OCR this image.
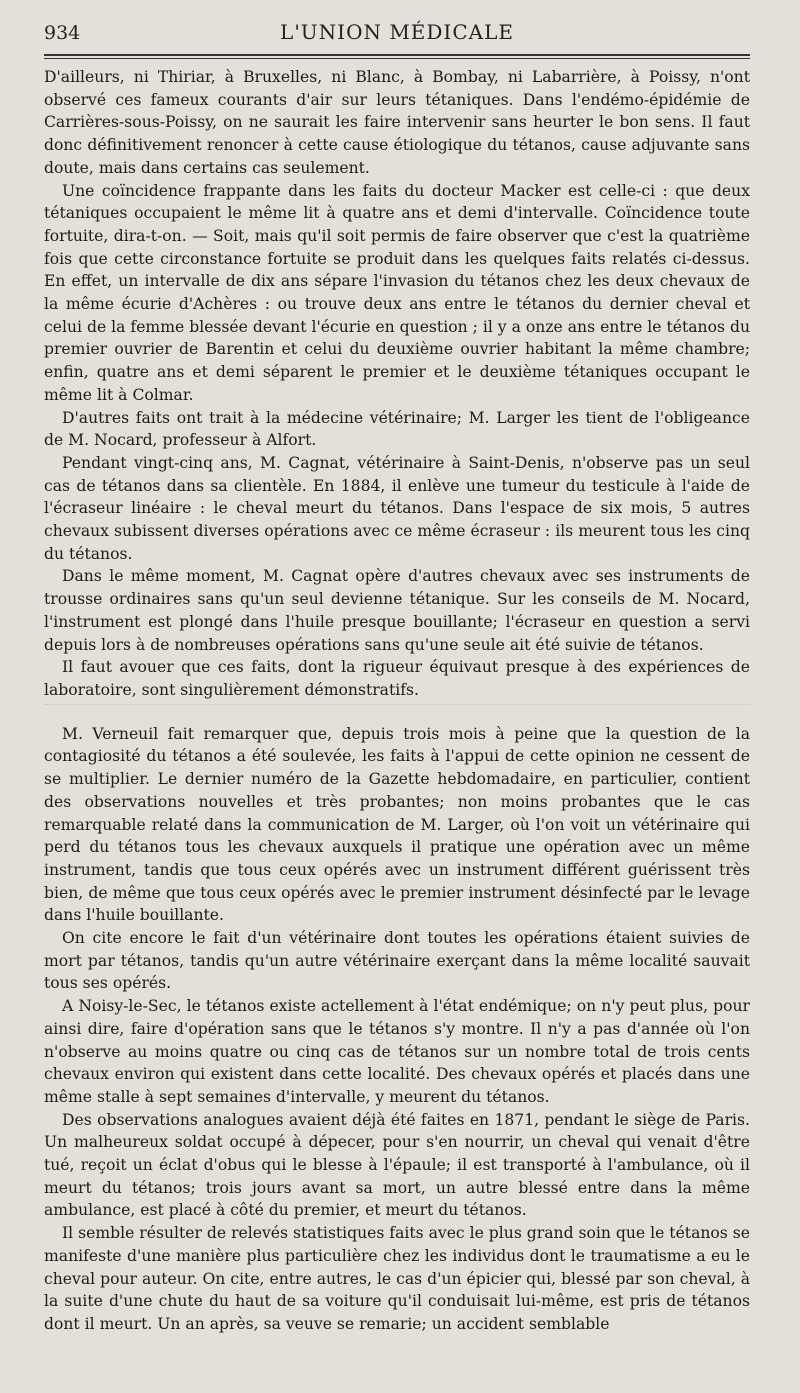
934	L'UNION MÉDICALE

D'ailleurs, ni Thiriar, à Bruxelles, ni Blanc, à Bombay, ni Labarrière, à Poissy, n'ont observé ces fameux courants d'air sur leurs tétaniques. Dans l'endémo-épidémie de Carrières-sous-Poissy, on ne saurait les faire intervenir sans heurter le bon sens. Il faut donc définitivement renoncer à cette cause étiologique du tétanos, cause adjuvante sans doute, mais dans certains cas seulement.

Une coïncidence frappante dans les faits du docteur Macker est celle-ci : que deux tétaniques occupaient le même lit à quatre ans et demi d'intervalle. Coïncidence toute fortuite, dira-t-on. — Soit, mais qu'il soit permis de faire observer que c'est la quatrième fois que cette circonstance fortuite se produit dans les quelques faits relatés ci-dessus. En effet, un intervalle de dix ans sépare l'invasion du tétanos chez les deux chevaux de la même écurie d'Achères : ou trouve deux ans entre le tétanos du dernier cheval et celui de la femme blessée devant l'écurie en question ; il y a onze ans entre le tétanos du premier ouvrier de Barentin et celui du deuxième ouvrier habitant la même chambre; enfin, quatre ans et demi séparent le premier et le deuxième tétaniques occupant le même lit à Colmar.

D'autres faits ont trait à la médecine vétérinaire; M. Larger les tient de l'obligeance de M. Nocard, professeur à Alfort.

Pendant vingt-cinq ans, M. Cagnat, vétérinaire à Saint-Denis, n'observe pas un seul cas de tétanos dans sa clientèle. En 1884, il enlève une tumeur du testicule à l'aide de l'écraseur linéaire : le cheval meurt du tétanos. Dans l'espace de six mois, 5 autres chevaux subissent diverses opérations avec ce même écraseur : ils meurent tous les cinq du tétanos.

Dans le même moment, M. Cagnat opère d'autres chevaux avec ses instruments de trousse ordinaires sans qu'un seul devienne tétanique. Sur les conseils de M. Nocard, l'instrument est plongé dans l'huile presque bouillante; l'écraseur en question a servi depuis lors à de nombreuses opérations sans qu'une seule ait été suivie de tétanos.

Il faut avouer que ces faits, dont la rigueur équivaut presque à des expériences de laboratoire, sont singulièrement démonstratifs.

M. Verneuil fait remarquer que, depuis trois mois à peine que la question de la contagiosité du tétanos a été soulevée, les faits à l'appui de cette opinion ne cessent de se multiplier. Le dernier numéro de la Gazette hebdomadaire, en particulier, contient des observations nouvelles et très probantes; non moins probantes que le cas remarquable relaté dans la communication de M. Larger, où l'on voit un vétérinaire qui perd du tétanos tous les chevaux auxquels il pratique une opération avec un même instrument, tandis que tous ceux opérés avec un instrument différent guérissent très bien, de même que tous ceux opérés avec le premier instrument désinfecté par le levage dans l'huile bouillante.

On cite encore le fait d'un vétérinaire dont toutes les opérations étaient suivies de mort par tétanos, tandis qu'un autre vétérinaire exerçant dans la même localité sauvait tous ses opérés.

A Noisy-le-Sec, le tétanos existe actellement à l'état endémique; on n'y peut plus, pour ainsi dire, faire d'opération sans que le tétanos s'y montre. Il n'y a pas d'année où l'on n'observe au moins quatre ou cinq cas de tétanos sur un nombre total de trois cents chevaux environ qui existent dans cette localité. Des chevaux opérés et placés dans une même stalle à sept semaines d'intervalle, y meurent du tétanos.

Des observations analogues avaient déjà été faites en 1871, pendant le siège de Paris. Un malheureux soldat occupé à dépecer, pour s'en nourrir, un cheval qui venait d'être tué, reçoit un éclat d'obus qui le blesse à l'épaule; il est transporté à l'ambulance, où il meurt du tétanos; trois jours avant sa mort, un autre blessé entre dans la même ambulance, est placé à côté du premier, et meurt du tétanos.

Il semble résulter de relevés statistiques faits avec le plus grand soin que le tétanos se manifeste d'une manière plus particulière chez les individus dont le traumatisme a eu le cheval pour auteur. On cite, entre autres, le cas d'un épicier qui, blessé par son cheval, à la suite d'une chute du haut de sa voiture qu'il conduisait lui-même, est pris de tétanos dont il meurt. Un an après, sa veuve se remarie; un accident semblable
